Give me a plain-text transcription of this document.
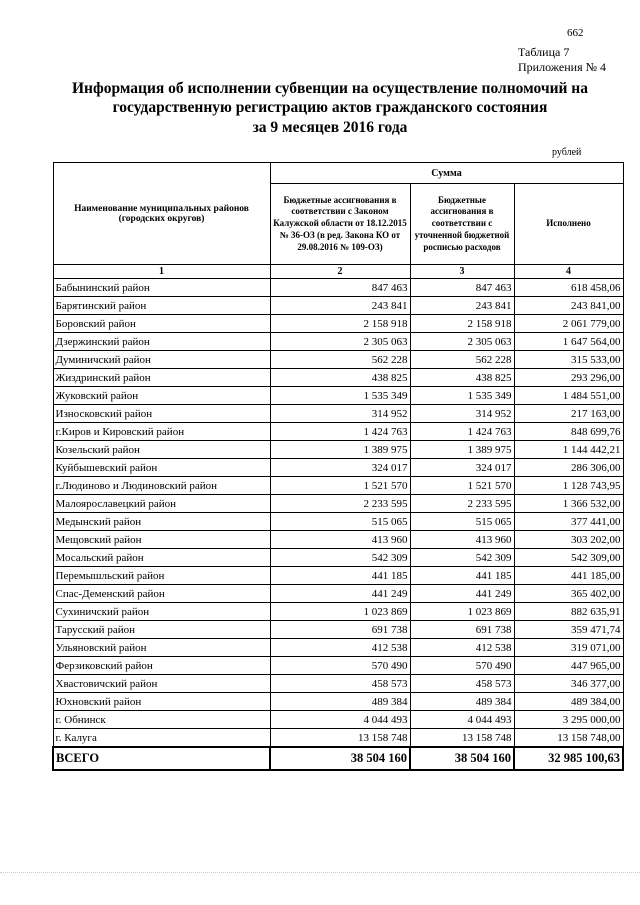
662
Таблица 7
Приложения № 4
Информация об исполнении субвенции на осуществление полномочий на
государственную регистрацию актов гражданского состояния
за 9 месяцев 2016 года
рублей
Наименование муниципальных районов (городских округов)	Сумма		
	Бюджетные ассигнования в соответствии с Законом Калужской области от 18.12.2015 № 36-ОЗ (в ред. Закона КО от 29.08.2016 № 109-ОЗ)	Бюджетные ассигнования в соответствии с уточненной бюджетной росписью расходов	Исполнено
1	2	3	4
Бабынинский район	847 463	847 463	618 458,06
Барятинский район	243 841	243 841	243 841,00
Боровский район	2 158 918	2 158 918	2 061 779,00
Дзержинский район	2 305 063	2 305 063	1 647 564,00
Думиничский район	562 228	562 228	315 533,00
Жиздринский район	438 825	438 825	293 296,00
Жуковский район	1 535 349	1 535 349	1 484 551,00
Износковский район	314 952	314 952	217 163,00
г.Киров и Кировский район	1 424 763	1 424 763	848 699,76
Козельский район	1 389 975	1 389 975	1 144 442,21
Куйбышевский район	324 017	324 017	286 306,00
г.Людиново и Людиновский район	1 521 570	1 521 570	1 128 743,95
Малоярославецкий район	2 233 595	2 233 595	1 366 532,00
Медынский район	515 065	515 065	377 441,00
Мещовский район	413 960	413 960	303 202,00
Мосальский район	542 309	542 309	542 309,00
Перемышльский район	441 185	441 185	441 185,00
Спас-Деменский район	441 249	441 249	365 402,00
Сухиничский район	1 023 869	1 023 869	882 635,91
Тарусский район	691 738	691 738	359 471,74
Ульяновский район	412 538	412 538	319 071,00
Ферзиковский район	570 490	570 490	447 965,00
Хвастовичский район	458 573	458 573	346 377,00
Юхновский район	489 384	489 384	489 384,00
г. Обнинск	4 044 493	4 044 493	3 295 000,00
г. Калуга	13 158 748	13 158 748	13 158 748,00
ВСЕГО	38 504 160	38 504 160	32 985 100,63
